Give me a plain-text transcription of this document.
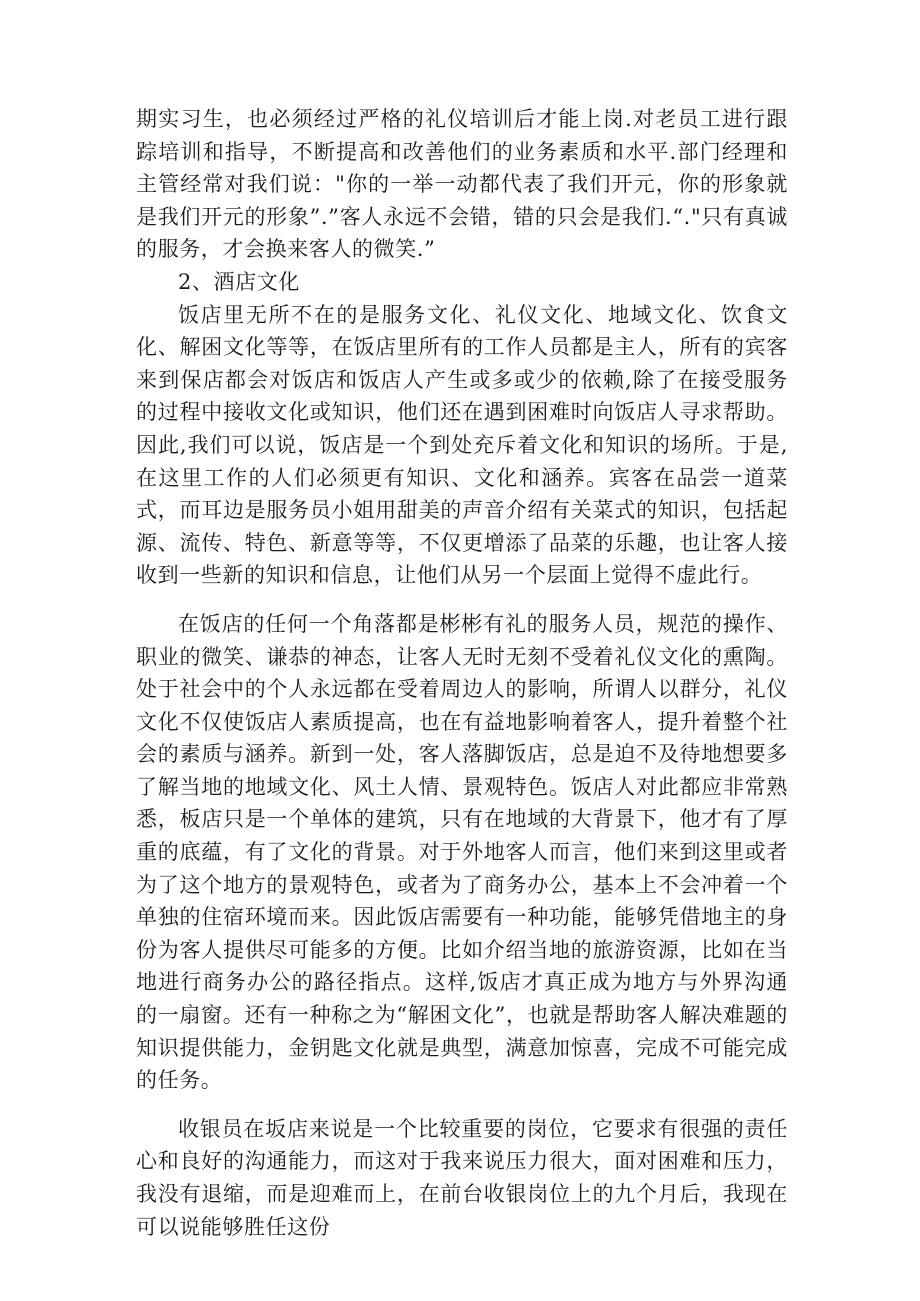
期实习生，也必须经过严格的礼仪培训后才能上岗.对老员工进行跟踪培训和指导，不断提高和改善他们的业务素质和水平.部门经理和主管经常对我们说："你的一举一动都代表了我们开元，你的形象就是我们开元的形象”.”客人永远不会错，错的只会是我们.“."只有真诚的服务，才会换来客人的微笑.”

2、酒店文化

饭店里无所不在的是服务文化、礼仪文化、地域文化、饮食文化、解困文化等等，在饭店里所有的工作人员都是主人，所有的宾客来到保店都会对饭店和饭店人产生或多或少的依赖,除了在接受服务的过程中接收文化或知识，他们还在遇到困难时向饭店人寻求帮助。因此,我们可以说，饭店是一个到处充斥着文化和知识的场所。于是,在这里工作的人们必须更有知识、文化和涵养。宾客在品尝一道菜式，而耳边是服务员小姐用甜美的声音介绍有关菜式的知识，包括起源、流传、特色、新意等等，不仅更增添了品菜的乐趣，也让客人接收到一些新的知识和信息，让他们从另一个层面上觉得不虚此行。

在饭店的任何一个角落都是彬彬有礼的服务人员，规范的操作、职业的微笑、谦恭的神态，让客人无时无刻不受着礼仪文化的熏陶。处于社会中的个人永远都在受着周边人的影响，所谓人以群分，礼仪文化不仅使饭店人素质提高，也在有益地影响着客人，提升着整个社会的素质与涵养。新到一处，客人落脚饭店，总是迫不及待地想要多了解当地的地域文化、风土人情、景观特色。饭店人对此都应非常熟悉，板店只是一个单体的建筑，只有在地域的大背景下，他才有了厚重的底蕴，有了文化的背景。对于外地客人而言，他们来到这里或者为了这个地方的景观特色，或者为了商务办公，基本上不会冲着一个单独的住宿环境而来。因此饭店需要有一种功能，能够凭借地主的身份为客人提供尽可能多的方便。比如介绍当地的旅游资源，比如在当地进行商务办公的路径指点。这样,饭店才真正成为地方与外界沟通的一扇窗。还有一种称之为“解困文化”，也就是帮助客人解决难题的知识提供能力，金钥匙文化就是典型，满意加惊喜，完成不可能完成的任务。

收银员在坂店来说是一个比较重要的岗位，它要求有很强的责任心和良好的沟通能力，而这对于我来说压力很大，面对困难和压力，我没有退缩，而是迎难而上，在前台收银岗位上的九个月后，我现在可以说能够胜任这份
